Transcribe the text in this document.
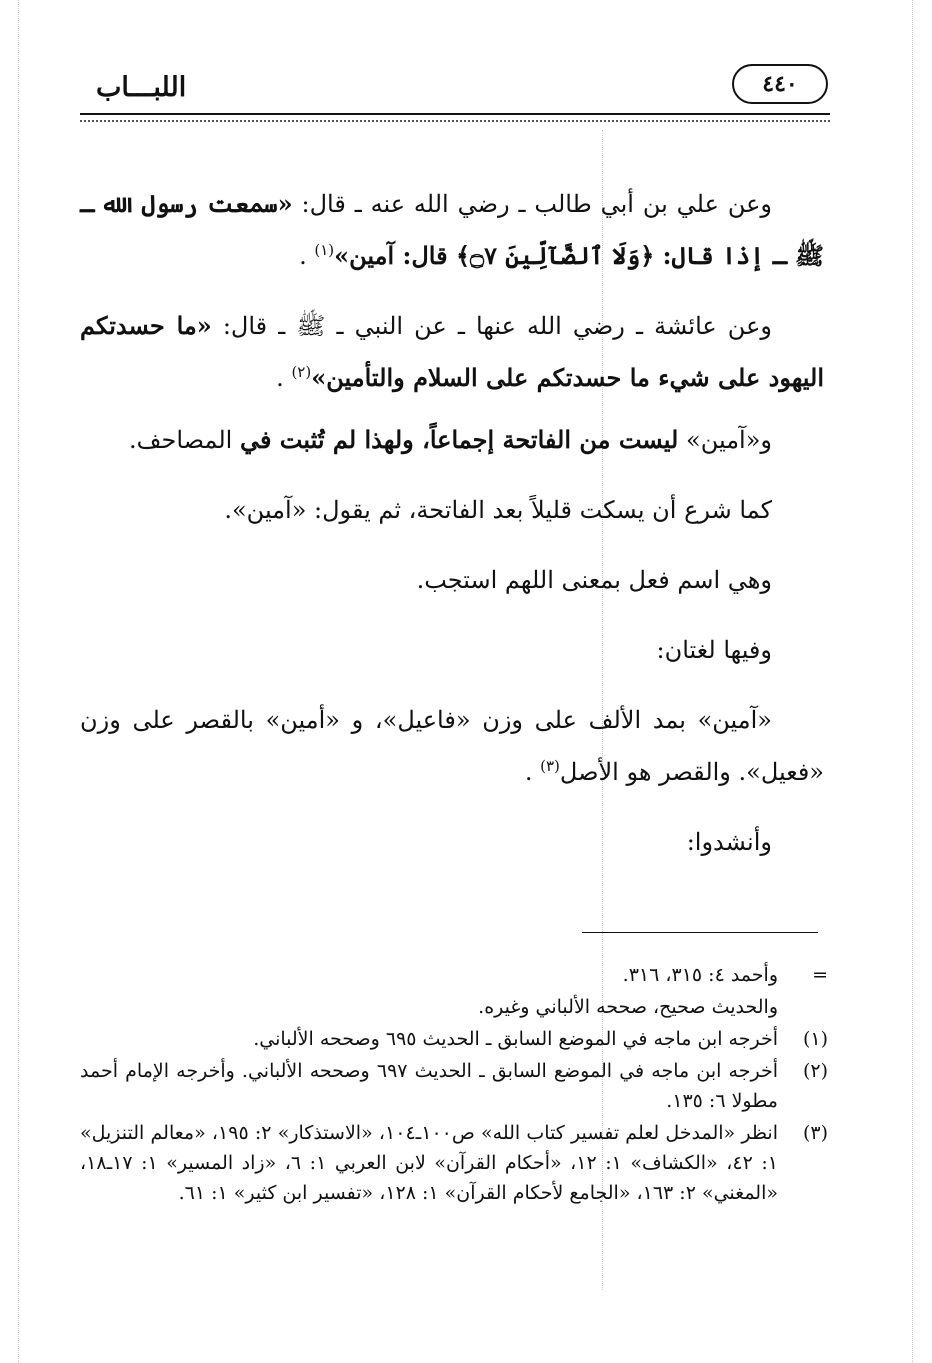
اللبـــاب	٤٤٠

وعن علي بن أبي طالب ـ رضي الله عنه ـ قال: «سمعت رسول الله ـ ﷺ ـ إذا قال: ﴿وَلَا ٱلضَّآلِّينَ ۝٧﴾ قال: آمين»$^{(١)}$ .

وعن عائشة ـ رضي الله عنها ـ عن النبي ـ ﷺ ـ قال: «ما حسدتكم اليهود على شيء ما حسدتكم على السلام والتأمين»$^{(٢)}$ .

و«آمين» ليست من الفاتحة إجماعاً، ولهذا لم تُثبت في المصاحف.

كما شرع أن يسكت قليلاً بعد الفاتحة، ثم يقول: «آمين».

وهي اسم فعل بمعنى اللهم استجب.

وفيها لغتان:

«آمين» بمد الألف على وزن «فاعيل»، و «أمين» بالقصر على وزن «فعيل». والقصر هو الأصل$^{(٣)}$ .

وأنشدوا:

=
وأحمد ٤: ٣١٥، ٣١٦.
والحديث صحيح، صححه الألباني وغيره.
(١)
أخرجه ابن ماجه في الموضع السابق ـ الحديث ٦٩٥ وصححه الألباني.
(٢)
أخرجه ابن ماجه في الموضع السابق ـ الحديث ٦٩٧ وصححه الألباني. وأخرجه الإمام أحمد مطولا ٦: ١٣٥.
(٣)
انظر «المدخل لعلم تفسير كتاب الله» ص١٠٠ـ١٠٤، «الاستذكار» ٢: ١٩٥، «معالم التنزيل» ١: ٤٢، «الكشاف» ١: ١٢، «أحكام القرآن» لابن العربي ١: ٦، «زاد المسير» ١: ١٧ـ١٨، «المغني» ٢: ١٦٣، «الجامع لأحكام القرآن» ١: ١٢٨، «تفسير ابن كثير» ١: ٦١.
